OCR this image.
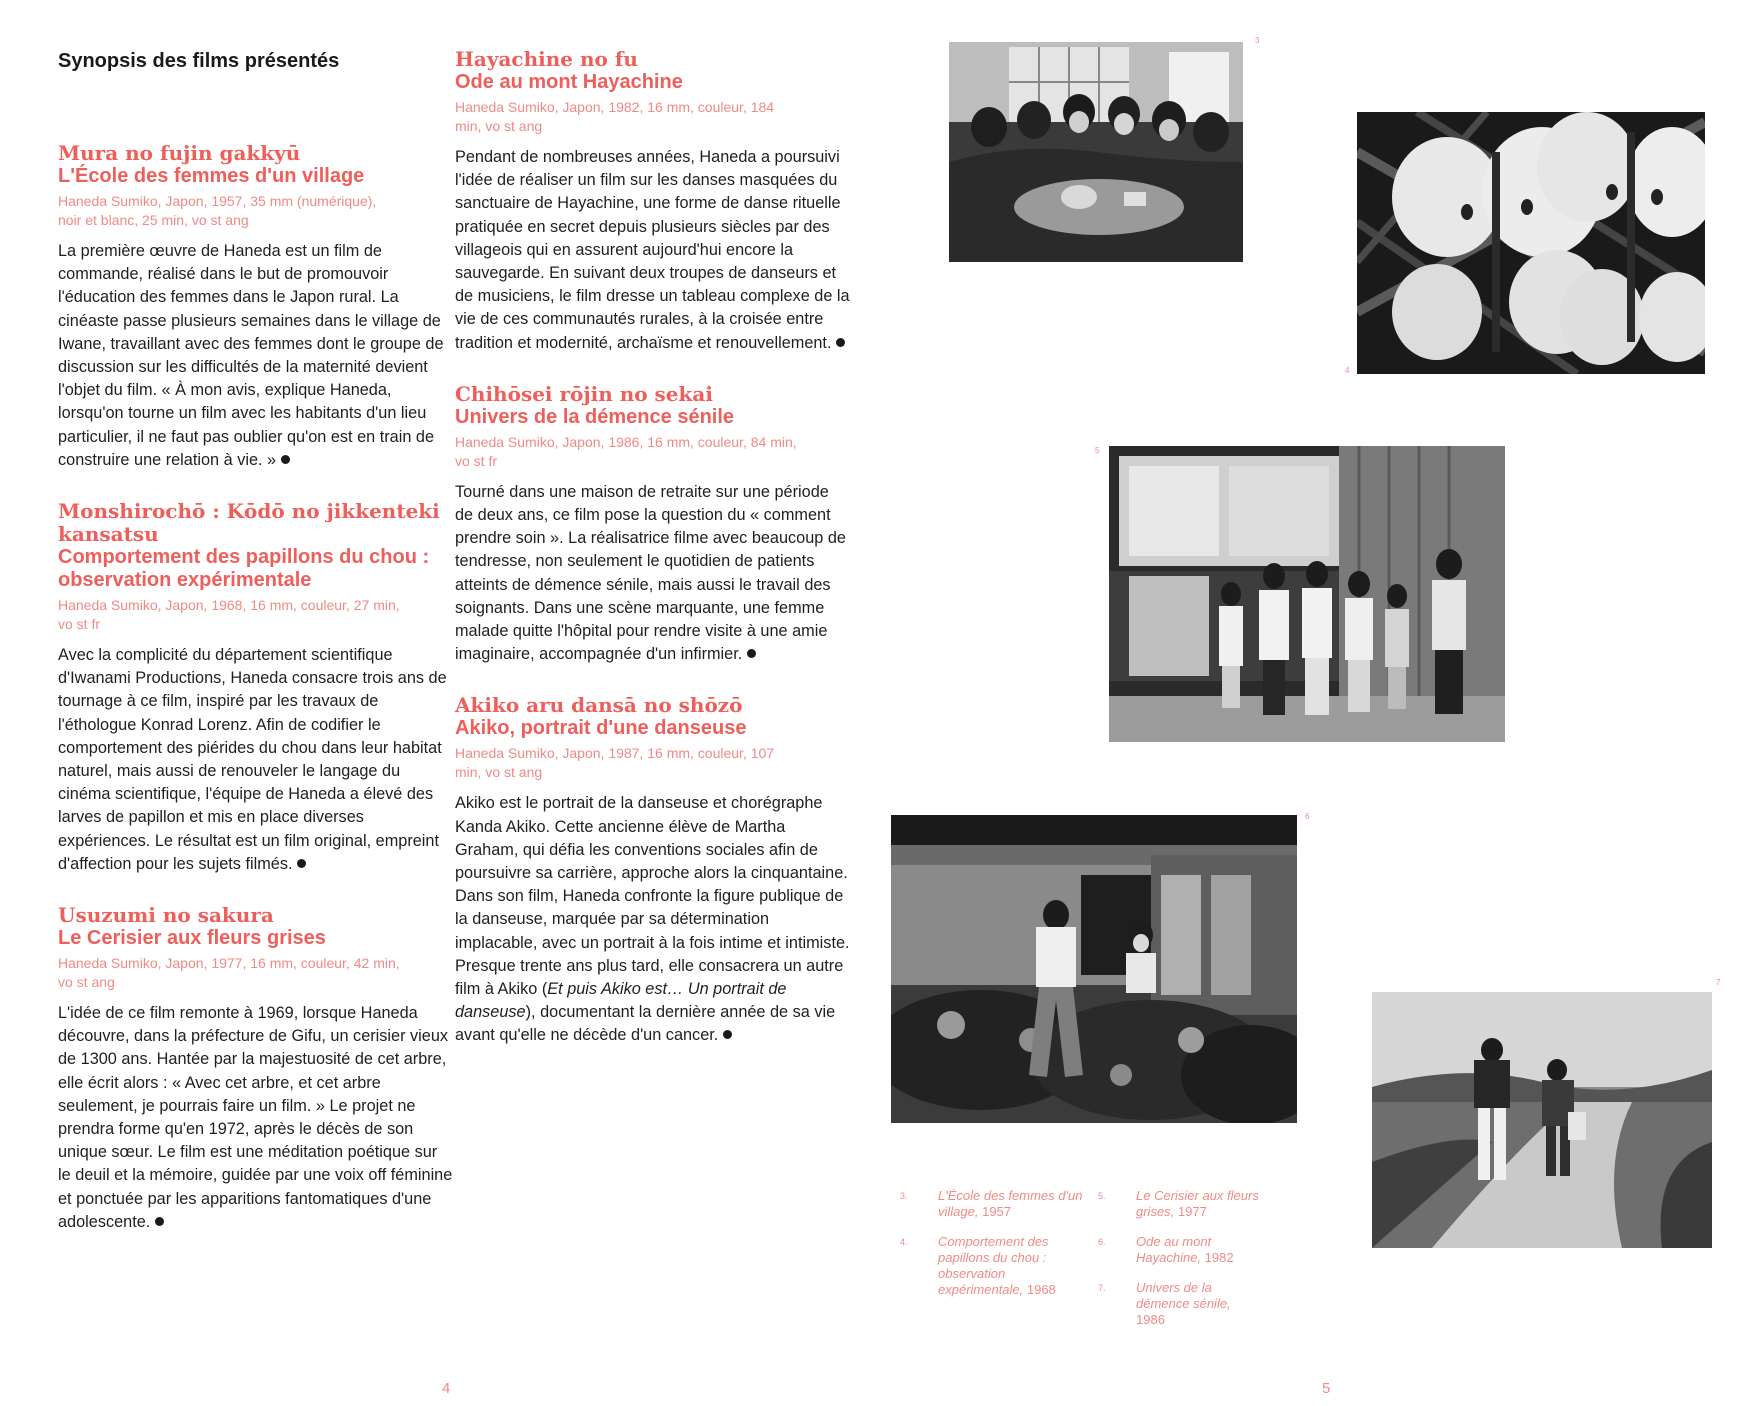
Synopsis des films présentés

Mura no fujin gakkyū

L'École des femmes d'un village

Haneda Sumiko, Japon, 1957, 35 mm (numérique), noir et blanc, 25 min, vo st ang

La première œuvre de Haneda est un film de commande, réalisé dans le but de promouvoir l'éducation des femmes dans le Japon rural. La cinéaste passe plusieurs semaines dans le village de Iwane, travaillant avec des femmes dont le groupe de discussion sur les difficultés de la maternité devient l'objet du film. « À mon avis, explique Haneda, lorsqu'on tourne un film avec les habitants d'un lieu particulier, il ne faut pas oublier qu'on est en train de construire une relation à vie. »

Monshirochō : Kōdō no jikkenteki kansatsu

Comportement des papillons du chou : observation expérimentale

Haneda Sumiko, Japon, 1968, 16 mm, couleur, 27 min, vo st fr

Avec la complicité du département scientifique d'Iwanami Productions, Haneda consacre trois ans de tournage à ce film, inspiré par les travaux de l'éthologue Konrad Lorenz. Afin de codifier le comportement des piérides du chou dans leur habitat naturel, mais aussi de renouveler le langage du cinéma scientifique, l'équipe de Haneda a élevé des larves de papillon et mis en place diverses expériences. Le résultat est un film original, empreint d'affection pour les sujets filmés.

Usuzumi no sakura

Le Cerisier aux fleurs grises

Haneda Sumiko, Japon, 1977, 16 mm, couleur, 42 min, vo st ang

L'idée de ce film remonte à 1969, lorsque Haneda découvre, dans la préfecture de Gifu, un cerisier vieux de 1300 ans. Hantée par la majestuosité de cet arbre, elle écrit alors : « Avec cet arbre, et cet arbre seulement, je pourrais faire un film. » Le projet ne prendra forme qu'en 1972, après le décès de son unique sœur. Le film est une méditation poétique sur le deuil et la mémoire, guidée par une voix off féminine et ponctuée par les apparitions fantomatiques d'une adolescente.

Hayachine no fu

Ode au mont Hayachine

Haneda Sumiko, Japon, 1982, 16 mm, couleur, 184 min, vo st ang

Pendant de nombreuses années, Haneda a poursuivi l'idée de réaliser un film sur les danses masquées du sanctuaire de Hayachine, une forme de danse rituelle pratiquée en secret depuis plusieurs siècles par des villageois qui en assurent aujourd'hui encore la sauvegarde. En suivant deux troupes de danseurs et de musiciens, le film dresse un tableau complexe de la vie de ces communautés rurales, à la croisée entre tradition et modernité, archaïsme et renouvellement.

Chihōsei rōjin no sekai

Univers de la démence sénile

Haneda Sumiko, Japon, 1986, 16 mm, couleur, 84 min, vo st fr

Tourné dans une maison de retraite sur une période de deux ans, ce film pose la question du « comment prendre soin ». La réalisatrice filme avec beaucoup de tendresse, non seulement le quotidien de patients atteints de démence sénile, mais aussi le travail des soignants. Dans une scène marquante, une femme malade quitte l'hôpital pour rendre visite à une amie imaginaire, accompagnée d'un infirmier.

Akiko aru dansā no shōzō

Akiko, portrait d'une danseuse

Haneda Sumiko, Japon, 1987, 16 mm, couleur, 107 min, vo st ang

Akiko est le portrait de la danseuse et chorégraphe Kanda Akiko. Cette ancienne élève de Martha Graham, qui défia les conventions sociales afin de poursuivre sa carrière, approche alors la cinquantaine. Dans son film, Haneda confronte la figure publique de la danseuse, marquée par sa détermination implacable, avec un portrait à la fois intime et intimiste. Presque trente ans plus tard, elle consacrera un autre film à Akiko (Et puis Akiko est… Un portrait de danseuse), documentant la dernière année de sa vie avant qu'elle ne décède d'un cancer.

4
3
4
5
6
7
3. L'École des femmes d'un village, 1957
4. Comportement des papillons du chou : observation expérimentale, 1968
5. Le Cerisier aux fleurs grises, 1977
6. Ode au mont Hayachine, 1982
7. Univers de la démence sénile, 1986
5
